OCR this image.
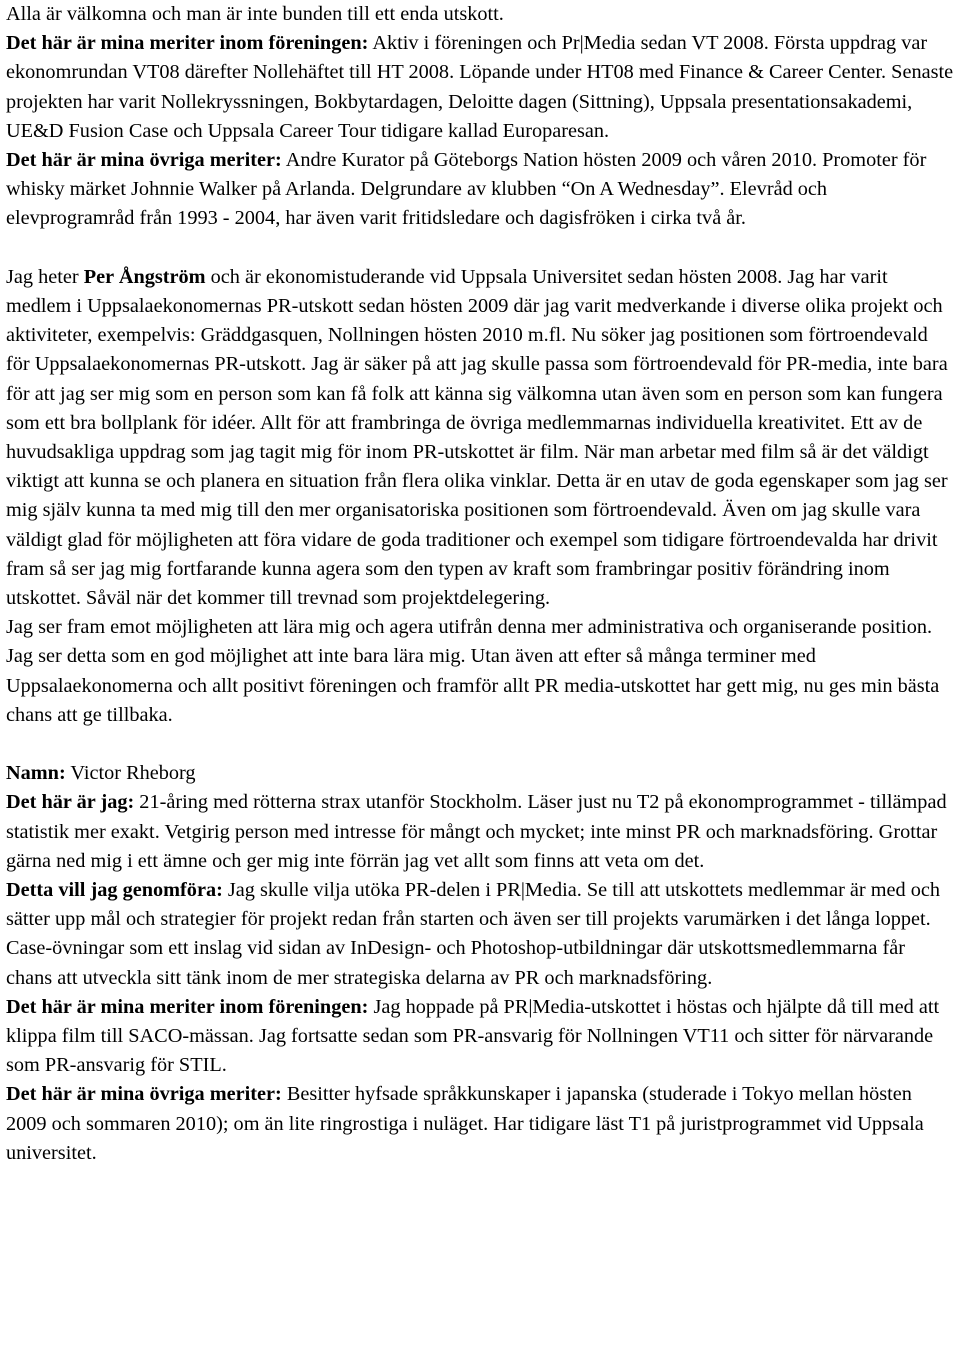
Alla är välkomna och man är inte bunden till ett enda utskott.

Det här är mina meriter inom föreningen: Aktiv i föreningen och Pr|Media sedan VT 2008. Första uppdrag var ekonomrundan VT08 därefter Nollehäftet till HT 2008. Löpande under HT08 med Finance & Career Center. Senaste projekten har varit Nollekryssningen, Bokbytardagen, Deloitte dagen (Sittning), Uppsala presentationsakademi, UE&D Fusion Case och Uppsala Career Tour tidigare kallad Europaresan.

Det här är mina övriga meriter: Andre Kurator på Göteborgs Nation hösten 2009 och våren 2010. Promoter för whisky märket Johnnie Walker på Arlanda. Delgrundare av klubben “On A Wednesday”. Elevråd och elevprogramråd från 1993 - 2004, har även varit fritidsledare och dagisfröken i cirka två år.

Jag heter Per Ångström och är ekonomistuderande vid Uppsala Universitet sedan hösten 2008. Jag har varit medlem i Uppsalaekonomernas PR-utskott sedan hösten 2009 där jag varit medverkande i diverse olika projekt och aktiviteter, exempelvis: Gräddgasquen, Nollningen hösten 2010 m.fl. Nu söker jag positionen som förtroendevald för Uppsalaekonomernas PR-utskott. Jag är säker på att jag skulle passa som förtroendevald för PR-media, inte bara för att jag ser mig som en person som kan få folk att känna sig välkomna utan även som en person som kan fungera som ett bra bollplank för idéer. Allt för att frambringa de övriga medlemmarnas individuella kreativitet. Ett av de huvudsakliga uppdrag som jag tagit mig för inom PR-utskottet är film. När man arbetar med film så är det väldigt viktigt att kunna se och planera en situation från flera olika vinklar. Detta är en utav de goda egenskaper som jag ser mig själv kunna ta med mig till den mer organisatoriska positionen som förtroendevald. Även om jag skulle vara väldigt glad för möjligheten att föra vidare de goda traditioner och exempel som tidigare förtroendevalda har drivit fram så ser jag mig fortfarande kunna agera som den typen av kraft som frambringar positiv förändring inom utskottet. Såväl när det kommer till trevnad som projektdelegering.

Jag ser fram emot möjligheten att lära mig och agera utifrån denna mer administrativa och organiserande position. Jag ser detta som en god möjlighet att inte bara lära mig. Utan även att efter så många terminer med Uppsalaekonomerna och allt positivt föreningen och framför allt PR media-utskottet har gett mig, nu ges min bästa chans att ge tillbaka.

Namn: Victor Rheborg

Det här är jag: 21-åring med rötterna strax utanför Stockholm. Läser just nu T2 på ekonomprogrammet - tillämpad statistik mer exakt. Vetgirig person med intresse för mångt och mycket; inte minst PR och marknadsföring. Grottar gärna ned mig i ett ämne och ger mig inte förrän jag vet allt som finns att veta om det.

Detta vill jag genomföra: Jag skulle vilja utöka PR-delen i PR|Media. Se till att utskottets medlemmar är med och sätter upp mål och strategier för projekt redan från starten och även ser till projekts varumärken i det långa loppet. Case-övningar som ett inslag vid sidan av InDesign- och Photoshop-utbildningar där utskottsmedlemmarna får chans att utveckla sitt tänk inom de mer strategiska delarna av PR och marknadsföring.

Det här är mina meriter inom föreningen: Jag hoppade på PR|Media-utskottet i höstas och hjälpte då till med att klippa film till SACO-mässan. Jag fortsatte sedan som PR-ansvarig för Nollningen VT11 och sitter för närvarande som PR-ansvarig för STIL.

Det här är mina övriga meriter: Besitter hyfsade språkkunskaper i japanska (studerade i Tokyo mellan hösten 2009 och sommaren 2010); om än lite ringrostiga i nuläget. Har tidigare läst T1 på juristprogrammet vid Uppsala universitet.
